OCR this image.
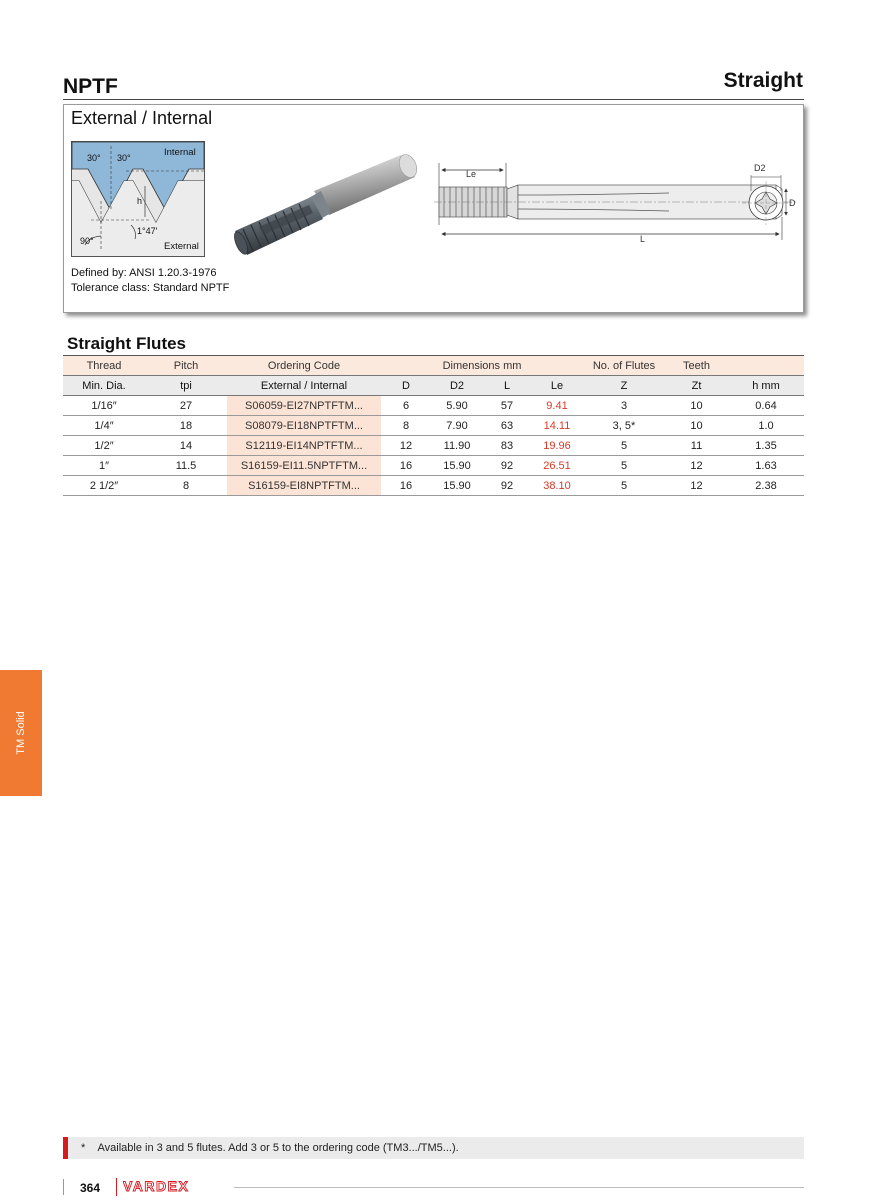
NPTF	Straight
External / Internal
30° 30°	Internal
h
90°
1°47′
External
Le
L
D
D2
Defined by: ANSI 1.20.3-1976
Tolerance class: Standard NPTF
Straight Flutes
Thread	Pitch	Ordering Code	Dimensions mm				No. of Flutes	Teeth	
Min. Dia.	tpi	External / Internal	D	D2	L	Le	Z	Zt	h mm
1/16″	27	S06059-EI27NPTFTM...	6	5.90	57	9.41	3	10	0.64
1/4″	18	S08079-EI18NPTFTM...	8	7.90	63	14.11	3, 5*	10	1.0
1/2″	14	S12119-EI14NPTFTM...	12	11.90	83	19.96	5	11	1.35
1″	11.5	S16159-EI11.5NPTFTM...	16	15.90	92	26.51	5	12	1.63
2 1/2″	8	S16159-EI8NPTFTM...	16	15.90	92	38.10	5	12	2.38
TM Solid
* Available in 3 and 5 flutes. Add 3 or 5 to the ordering code (TM3.../TM5...).
364 VARDEX
